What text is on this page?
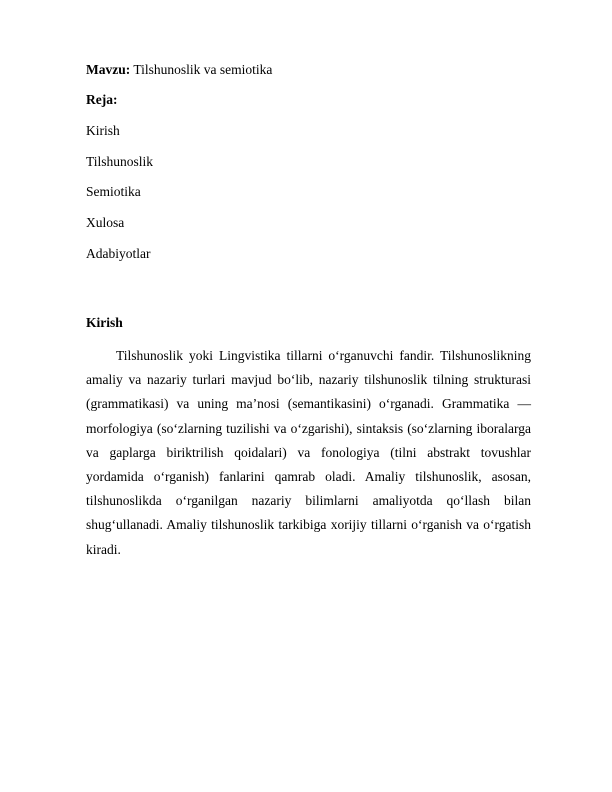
Mavzu: Tilshunoslik va semiotika
Reja:
Kirish
Tilshunoslik
Semiotika
Xulosa
Adabiyotlar
Kirish
Tilshunoslik yoki Lingvistika tillarni o‘rganuvchi fandir. Tilshunoslikning amaliy va nazariy turlari mavjud bo‘lib, nazariy tilshunoslik tilning strukturasi (grammatikasi) va uning ma’nosi (semantikasini) o‘rganadi. Grammatika — morfologiya (so‘zlarning tuzilishi va o‘zgarishi), sintaksis (so‘zlarning iboralarga va gaplarga biriktrilish qoidalari) va fonologiya (tilni abstrakt tovushlar yordamida o‘rganish) fanlarini qamrab oladi. Amaliy tilshunoslik, asosan, tilshunoslikda o‘rganilgan nazariy bilimlarni amaliyotda qo‘llash bilan shug‘ullanadi. Amaliy tilshunoslik tarkibiga xorijiy tillarni o‘rganish va o‘rgatish kiradi.
